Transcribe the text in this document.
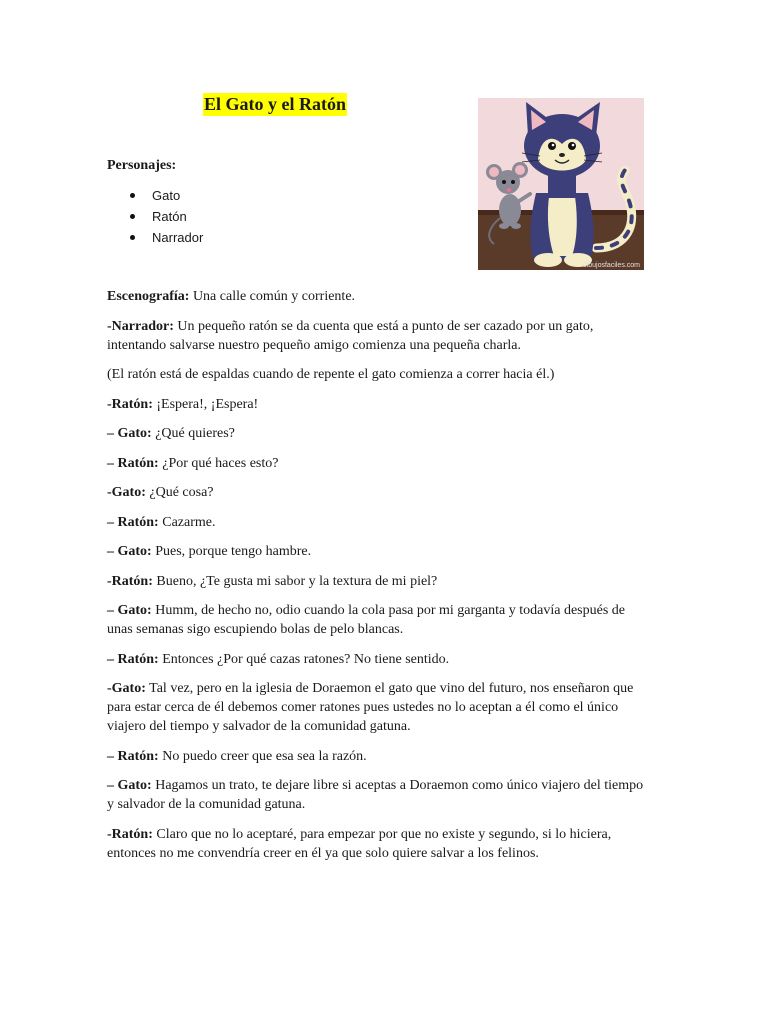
El Gato y el Ratón
Personajes:
Gato
Ratón
Narrador
dibujosfaciles.com

Escenografía: Una calle común y corriente.

-Narrador: Un pequeño ratón se da cuenta que está a punto de ser cazado por un gato, intentando salvarse nuestro pequeño amigo comienza una pequeña charla.

(El ratón está de espaldas cuando de repente el gato comienza a correr hacia él.)

-Ratón: ¡Espera!, ¡Espera!

– Gato: ¿Qué quieres?

– Ratón: ¿Por qué haces esto?

-Gato: ¿Qué cosa?

– Ratón: Cazarme.

– Gato: Pues, porque tengo hambre.

-Ratón: Bueno, ¿Te gusta mi sabor y la textura de mi piel?

– Gato: Humm, de hecho no, odio cuando la cola pasa por mi garganta y todavía después de unas semanas sigo escupiendo bolas de pelo blancas.

– Ratón: Entonces ¿Por qué cazas ratones? No tiene sentido.

-Gato: Tal vez, pero en la iglesia de Doraemon el gato que vino del futuro, nos enseñaron que para estar cerca de él debemos comer ratones pues ustedes no lo aceptan a él como el único viajero del tiempo y salvador de la comunidad gatuna.

– Ratón: No puedo creer que esa sea la razón.

– Gato: Hagamos un trato, te dejare libre si aceptas a Doraemon como único viajero del tiempo y salvador de la comunidad gatuna.

-Ratón: Claro que no lo aceptaré, para empezar por que no existe y segundo, si lo hiciera, entonces no me convendría creer en él ya que solo quiere salvar a los felinos.
